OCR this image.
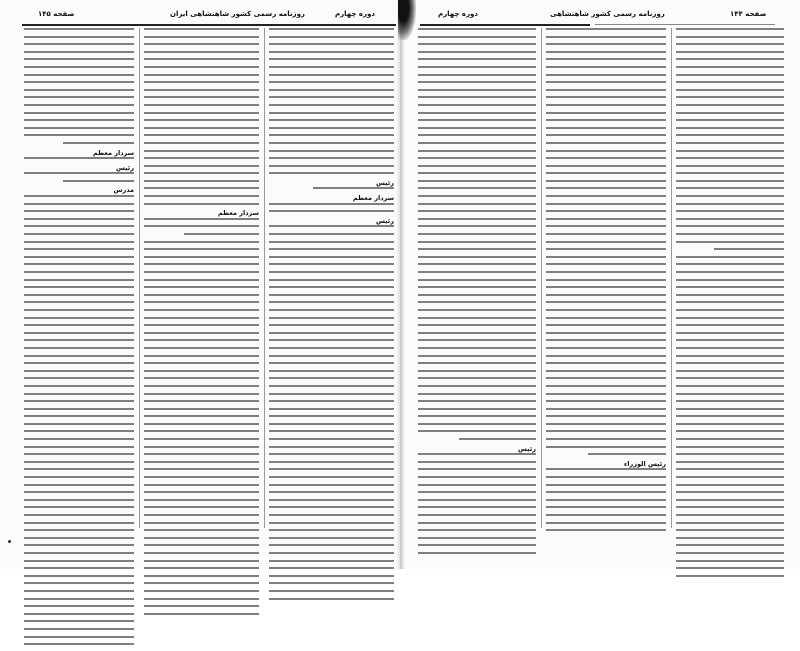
صفحه ۱۴۵	روزنامه رسمی کشور شاهنشاهی ایران	دوره چهارم
سردار معظم
رئیس
مدرس
سردار معظم
رئیس
سردار معظم
رئیس
دوره چهارم	روزنامه رسمی کشور شاهنشاهی	صفحه ۱۴۴
رئیس
رئیس الوزراء
